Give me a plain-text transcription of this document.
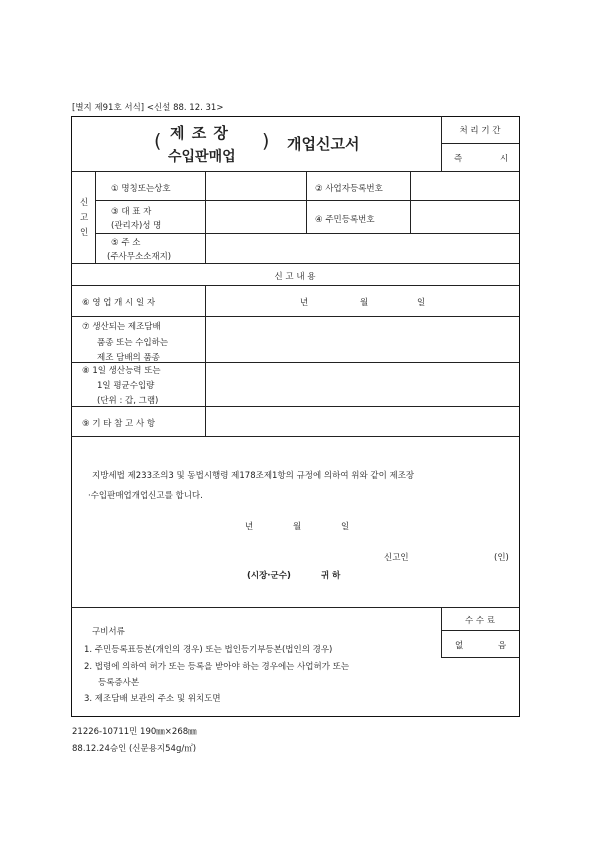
[별지 제91호 서식] <신설 88. 12. 31>
( 제 조 장
수입판매업
) 개업신고서
처 리 기 간
즉	시
신
고
인
① 명칭또는상호	② 사업자등록번호
③ 대 표 자
(관리자)성 명
④ 주민등록번호
⑤ 주 소
(주사무소소재지)
신 고 내 용
⑥ 영 업 개 시 일 자	년	월	일
⑦ 생산되는 제조담배
품종 또는 수입하는
제조 담배의 품종
⑧ 1일 생산능력 또는
1일 평균수입량
(단위 : 갑, 그램)
⑨ 기 타 참 고 사 항
지방세법 제233조의3 및 동법시행령 제178조제1항의 규정에 의하여 위와 같이 제조장
·수입판매업개업신고를 합니다.
년	월	일
신고인	(인)
(시장·군수)	귀 하
수 수 료
없	음
구비서류
1. 주민등록표등본(개인의 경우) 또는 법인등기부등본(법인의 경우)
2. 법령에 의하여 허가 또는 등록을 받아야 하는 경우에는 사업허가 또는
등록증사본
3. 제조담배 보관의 주소 및 위치도면
21226-10711민 190㎜×268㎜
88.12.24승인 (신문용지54g/㎡)
